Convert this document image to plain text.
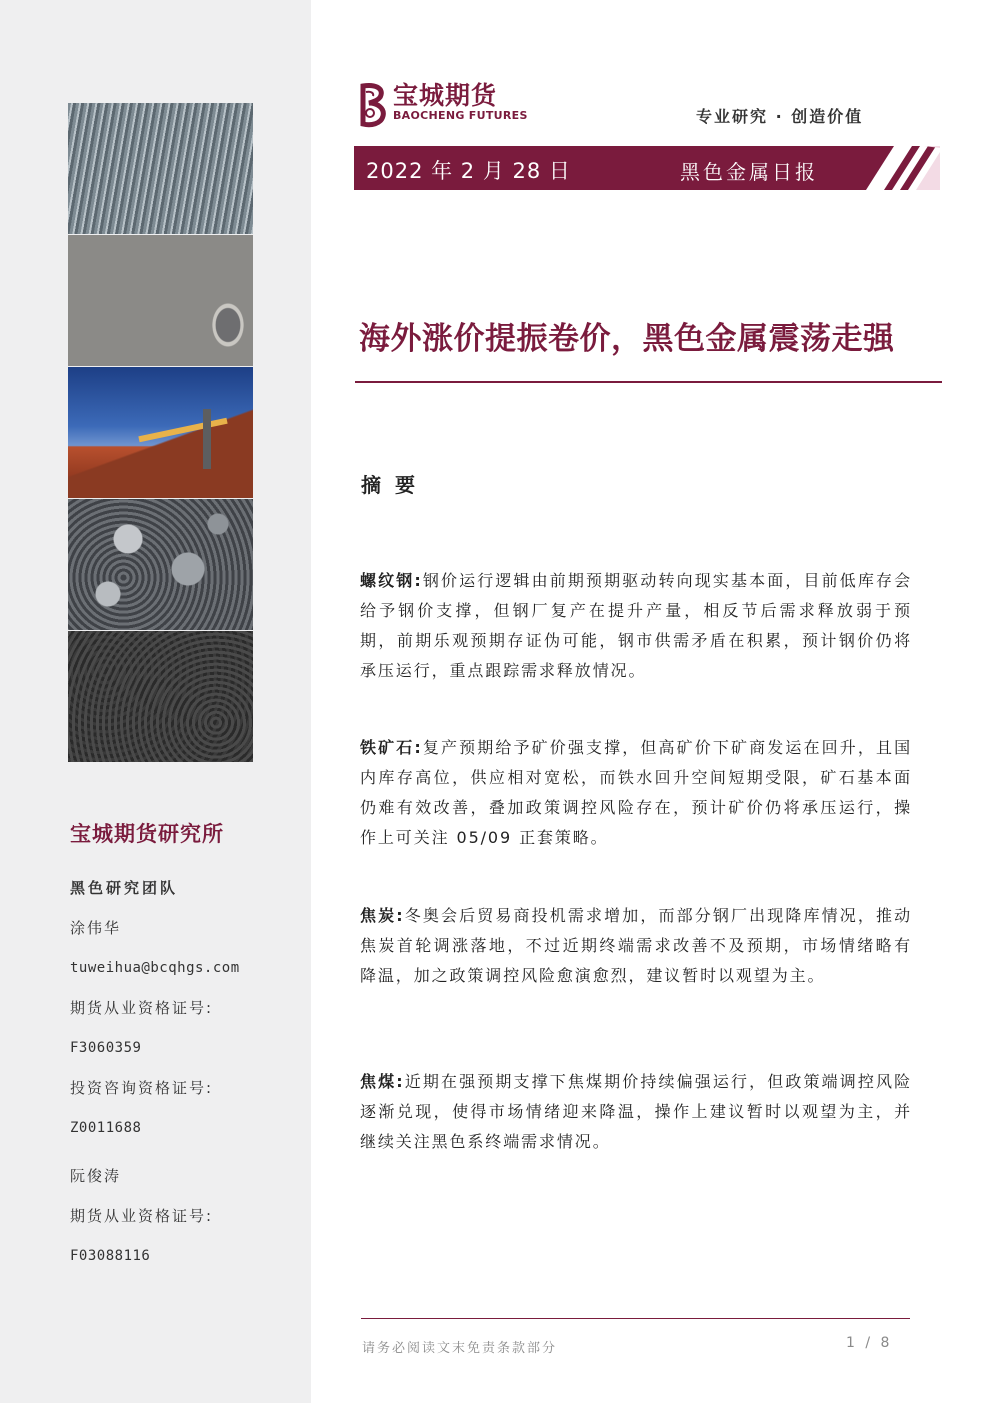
宝城期货研究所
黑色研究团队
涂伟华
tuweihua@bcqhgs.com
期货从业资格证号:
F3060359
投资咨询资格证号:
Z0011688
阮俊涛
期货从业资格证号:
F03088116
宝城期货
BAOCHENG FUTURES	专业研究 · 创造价值
2022 年 2 月 28 日	黑色金属日报
海外涨价提振卷价，黑色金属震荡走强
摘要

螺纹钢:钢价运行逻辑由前期预期驱动转向现实基本面，目前低库存会给予钢价支撑，但钢厂复产在提升产量，相反节后需求释放弱于预期，前期乐观预期存证伪可能，钢市供需矛盾在积累，预计钢价仍将承压运行，重点跟踪需求释放情况。

铁矿石:复产预期给予矿价强支撑，但高矿价下矿商发运在回升，且国内库存高位，供应相对宽松，而铁水回升空间短期受限，矿石基本面仍难有效改善，叠加政策调控风险存在，预计矿价仍将承压运行，操作上可关注 05/09 正套策略。

焦炭:冬奥会后贸易商投机需求增加，而部分钢厂出现降库情况，推动焦炭首轮调涨落地，不过近期终端需求改善不及预期，市场情绪略有降温，加之政策调控风险愈演愈烈，建议暂时以观望为主。

焦煤:近期在强预期支撑下焦煤期价持续偏强运行，但政策端调控风险逐渐兑现，使得市场情绪迎来降温，操作上建议暂时以观望为主，并继续关注黑色系终端需求情况。

请务必阅读文末免责条款部分	1 / 8
